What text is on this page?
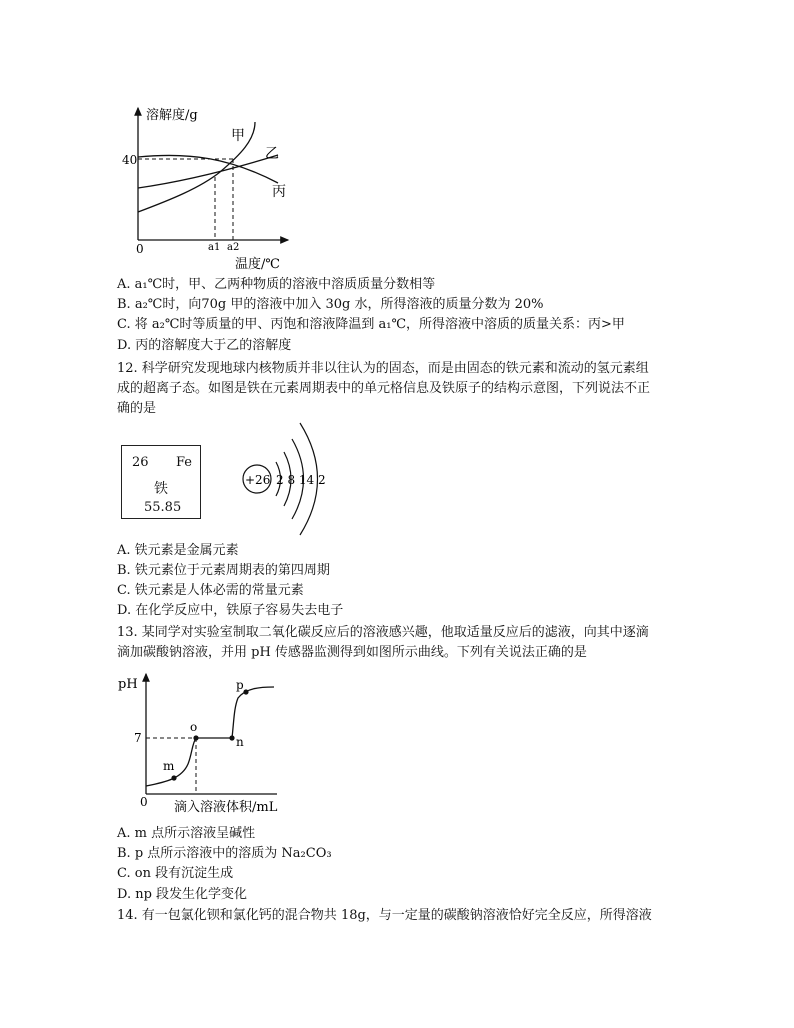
溶解度/g
温度/℃
0
40
a1 a2
甲
乙
丙
A. a₁℃时，甲、乙两种物质的溶液中溶质质量分数相等
B. a₂℃时，向70g 甲的溶液中加入 30g 水，所得溶液的质量分数为 20%
C. 将 a₂℃时等质量的甲、丙饱和溶液降温到 a₁℃，所得溶液中溶质的质量关系：丙>甲
D. 丙的溶解度大于乙的溶解度
12. 科学研究发现地球内核物质并非以往认为的固态，而是由固态的铁元素和流动的氢元素组
成的超离子态。如图是铁在元素周期表中的单元格信息及铁原子的结构示意图，下列说法不正
确的是
26 Fe
铁
55.85
+26 2 8 14 2
A. 铁元素是金属元素
B. 铁元素位于元素周期表的第四周期
C. 铁元素是人体必需的常量元素
D. 在化学反应中，铁原子容易失去电子
13. 某同学对实验室制取二氧化碳反应后的溶液感兴趣，他取适量反应后的滤液，向其中逐滴
滴加碳酸钠溶液，并用 pH 传感器监测得到如图所示曲线。下列有关说法正确的是
pH
滴入溶液体积/mL
0
7
m
o
n
p
A. m 点所示溶液呈碱性
B. p 点所示溶液中的溶质为 Na₂CO₃
C. on 段有沉淀生成
D. np 段发生化学变化
14. 有一包氯化钡和氯化钙的混合物共 18g，与一定量的碳酸钠溶液恰好完全反应，所得溶液
